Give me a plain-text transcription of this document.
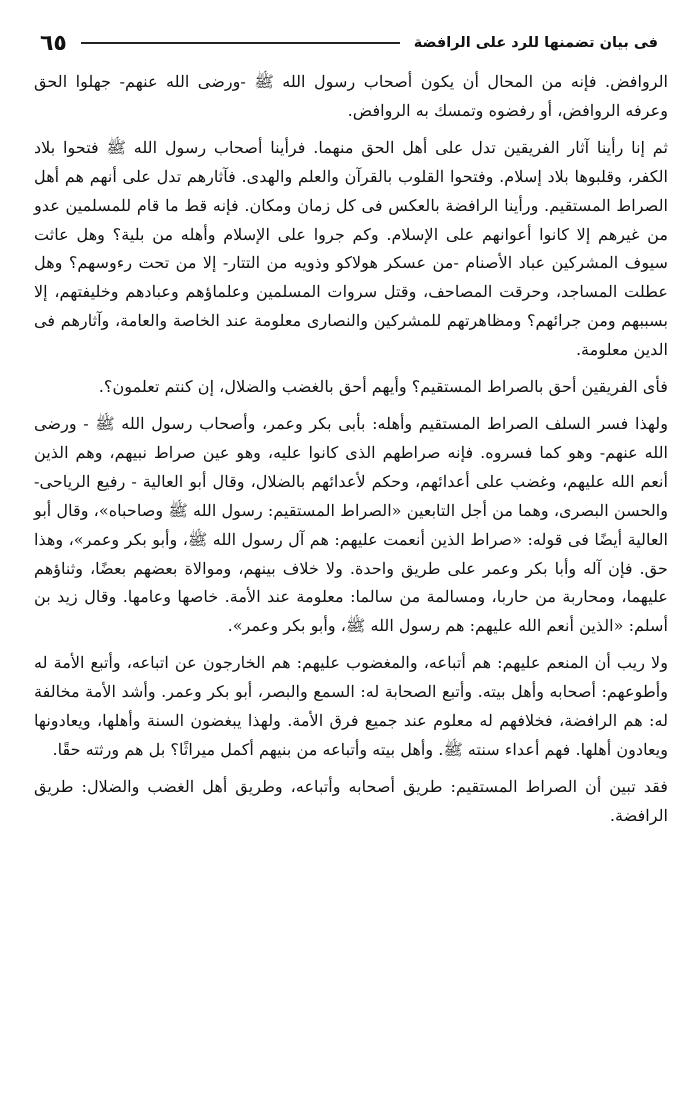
فى بيان تضمنها للرد على الرافضة
٦٥

الروافض. فإنه من المحال أن يكون أصحاب رسول الله ﷺ -ورضى الله عنهم- جهلوا الحق وعرفه الروافض، أو رفضوه وتمسك به الروافض.

ثم إنا رأينا آثار الفريقين تدل على أهل الحق منهما. فرأينا أصحاب رسول الله ﷺ فتحوا بلاد الكفر، وقلبوها بلاد إسلام. وفتحوا القلوب بالقرآن والعلم والهدى. فآثارهم تدل على أنهم هم أهل الصراط المستقيم. ورأينا الرافضة بالعكس فى كل زمان ومكان. فإنه قط ما قام للمسلمين عدو من غيرهم إلا كانوا أعوانهم على الإسلام. وكم جروا على الإسلام وأهله من بلية؟ وهل عاثت سيوف المشركين عباد الأصنام -من عسكر هولاكو وذويه من التتار- إلا من تحت رءوسهم؟ وهل عطلت المساجد، وحرقت المصاحف، وقتل سروات المسلمين وعلماؤهم وعبادهم وخليفتهم، إلا بسببهم ومن جرائهم؟ ومظاهرتهم للمشركين والنصارى معلومة عند الخاصة والعامة، وآثارهم فى الدين معلومة.

فأى الفريقين أحق بالصراط المستقيم؟ وأيهم أحق بالغضب والضلال، إن كنتم تعلمون؟.

ولهذا فسر السلف الصراط المستقيم وأهله: بأبى بكر وعمر، وأصحاب رسول الله ﷺ - ورضى الله عنهم- وهو كما فسروه. فإنه صراطهم الذى كانوا عليه، وهو عين صراط نبيهم، وهم الذين أنعم الله عليهم، وغضب على أعدائهم، وحكم لأعدائهم بالضلال، وقال أبو العالية - رفيع الرياحى- والحسن البصرى، وهما من أجل التابعين «الصراط المستقيم: رسول الله ﷺ وصاحباه»، وقال أبو العالية أيضًا فى قوله: «صراط الذين أنعمت عليهم: هم آل رسول الله ﷺ، وأبو بكر وعمر»، وهذا حق. فإن آله وأبا بكر وعمر على طريق واحدة. ولا خلاف بينهم، وموالاة بعضهم بعضًا، وثناؤهم عليهما، ومحاربة من حاربا، ومسالمة من سالما: معلومة عند الأمة. خاصها وعامها. وقال زيد بن أسلم: «الذين أنعم الله عليهم: هم رسول الله ﷺ، وأبو بكر وعمر».

ولا ريب أن المنعم عليهم: هم أتباعه، والمغضوب عليهم: هم الخارجون عن اتباعه، وأتبع الأمة له وأطوعهم: أصحابه وأهل بيته. وأتبع الصحابة له: السمع والبصر، أبو بكر وعمر. وأشد الأمة مخالفة له: هم الرافضة، فخلافهم له معلوم عند جميع فرق الأمة. ولهذا يبغضون السنة وأهلها، ويعادونها ويعادون أهلها. فهم أعداء سنته ﷺ. وأهل بيته وأتباعه من بنيهم أكمل ميراثًا؟ بل هم ورثته حقًا.

فقد تبين أن الصراط المستقيم: طريق أصحابه وأتباعه، وطريق أهل الغضب والضلال: طريق الرافضة.
